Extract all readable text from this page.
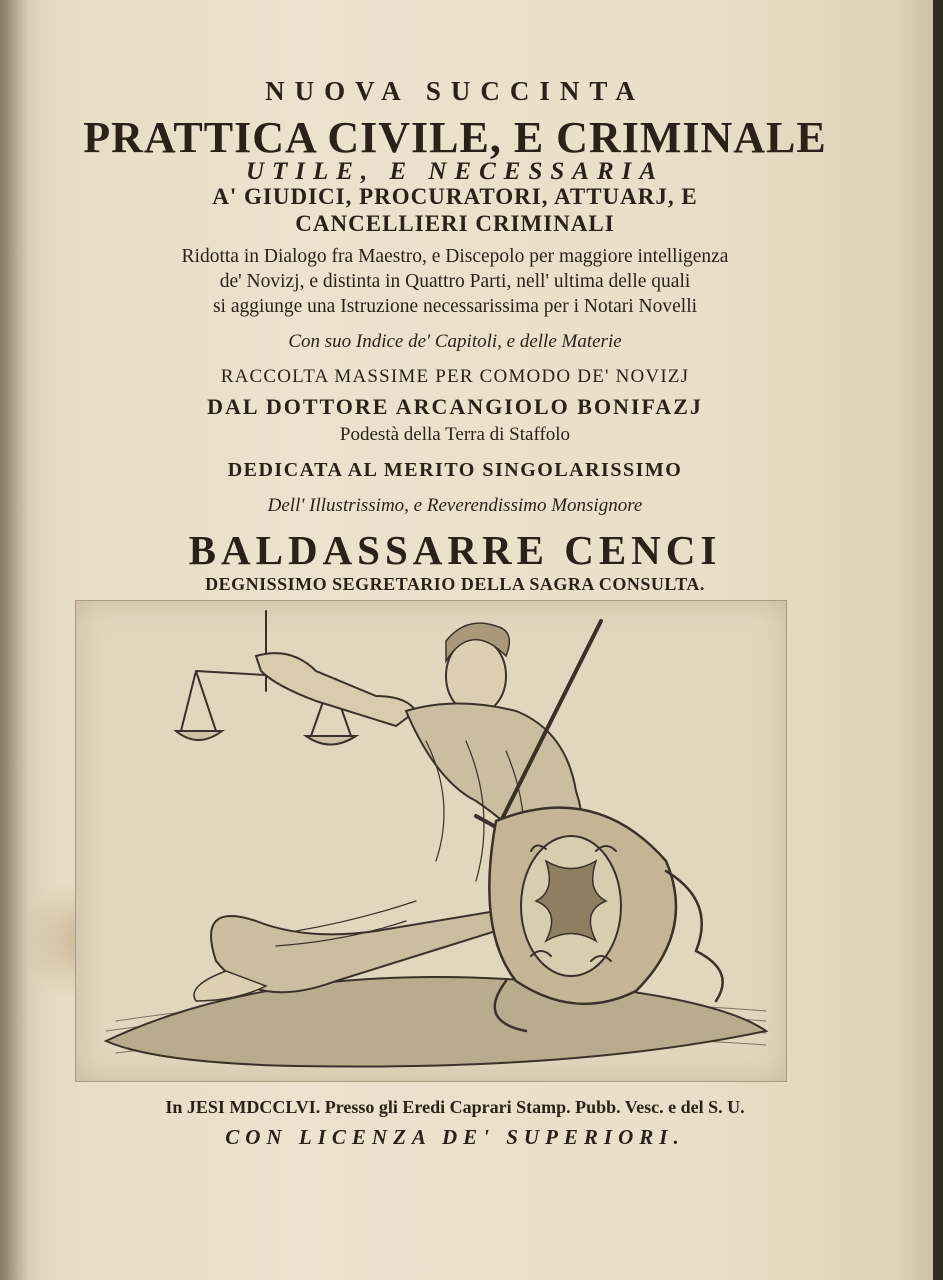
NUOVA SUCCINTA
PRATTICA CIVILE, E CRIMINALE
UTILE, E NECESSARIA
A' GIUDICI, PROCURATORI, ATTUARJ, E
CANCELLIERI CRIMINALI
Ridotta in Dialogo fra Maestro, e Discepolo per maggiore intelligenza
de' Novizj, e distinta in Quattro Parti, nell' ultima delle quali
si aggiunge una Istruzione necessarissima per i Notari Novelli
Con suo Indice de' Capitoli, e delle Materie
RACCOLTA MASSIME PER COMODO DE' NOVIZJ
DAL DOTTORE ARCANGIOLO BONIFAZJ
Podestà della Terra di Staffolo
DEDICATA AL MERITO SINGOLARISSIMO
Dell' Illustrissimo, e Reverendissimo Monsignore
BALDASSARRE CENCI
DEGNISSIMO SEGRETARIO DELLA SAGRA CONSULTA.
In JESI MDCCLVI. Presso gli Eredi Caprari Stamp. Pubb. Vesc. e del S. U.
CON LICENZA DE' SUPERIORI.
